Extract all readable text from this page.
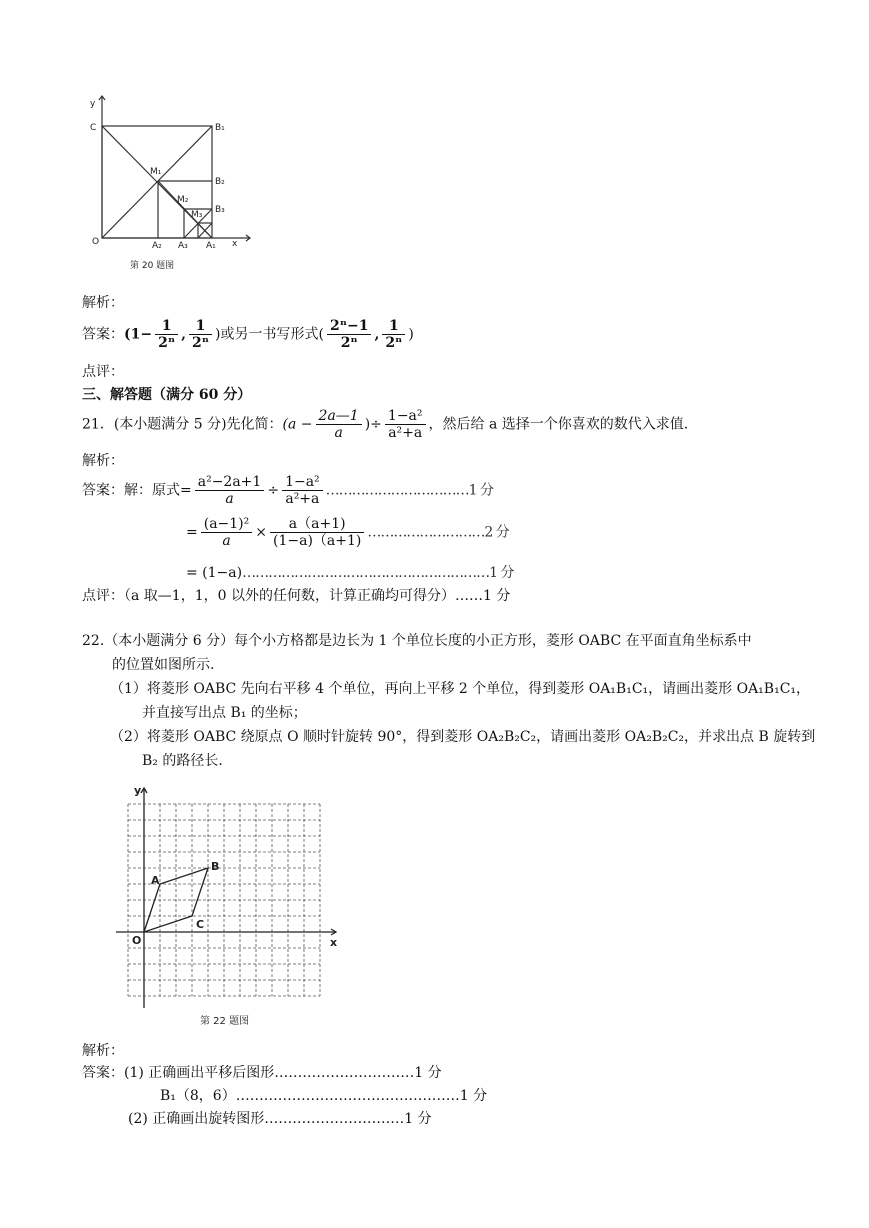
y
C
O	x
B₁
B₂
B₃
M₁
M₂
M₃
A₂ A₃ A₁
第 20 题图
解析：
答案：($1- \frac{1}{\text{2ⁿ}}$ , $\frac{1}{\text{2ⁿ}}$ )或另一书写形式( $\frac{\text{2ⁿ−1}}{\text{2ⁿ}}$ , $\frac{1}{\text{2ⁿ}}$ )
点评：
三、解答题（满分 60 分）
21．(本小题满分 5 分)先化简：($a - \frac{2a—1}{a}$ )÷ $\frac{\text{1−a²}}{\text{a²+a}}$ ，然后给 a 选择一个你喜欢的数代入求值.
解析：
答案：解：原式= $\frac{\text{a²−2a+1}}{a} \div \frac{\text{1−a²}}{\text{a²+a}}$ ……………………………1 分
= $\frac{\text{(a−1)²}}{a} \times \frac{a(a+1)}{(1-a)(a+1)}$ ………………………2 分
= (1−a)…………………………………………………1 分
点评：（a 取—1，1，0 以外的任何数，计算正确均可得分）……1 分
22.（本小题满分 6 分）每个小方格都是边长为 1 个单位长度的小正方形，菱形 OABC 在平面直角坐标系中
的位置如图所示.
（1）将菱形 OABC 先向右平移 4 个单位，再向上平移 2 个单位，得到菱形 OA₁B₁C₁，请画出菱形 OA₁B₁C₁，
并直接写出点 B₁ 的坐标；
（2）将菱形 OABC 绕原点 O 顺时针旋转 90°，得到菱形 OA₂B₂C₂，请画出菱形 OA₂B₂C₂，并求出点 B 旋转到
B₂ 的路径长.
y
x
O
A
B
C
第 22 题图
解析：
答案：(1) 正确画出平移后图形…………………………1 分
B₁（8，6）…………………………………………1 分
(2) 正确画出旋转图形…………………………1 分
